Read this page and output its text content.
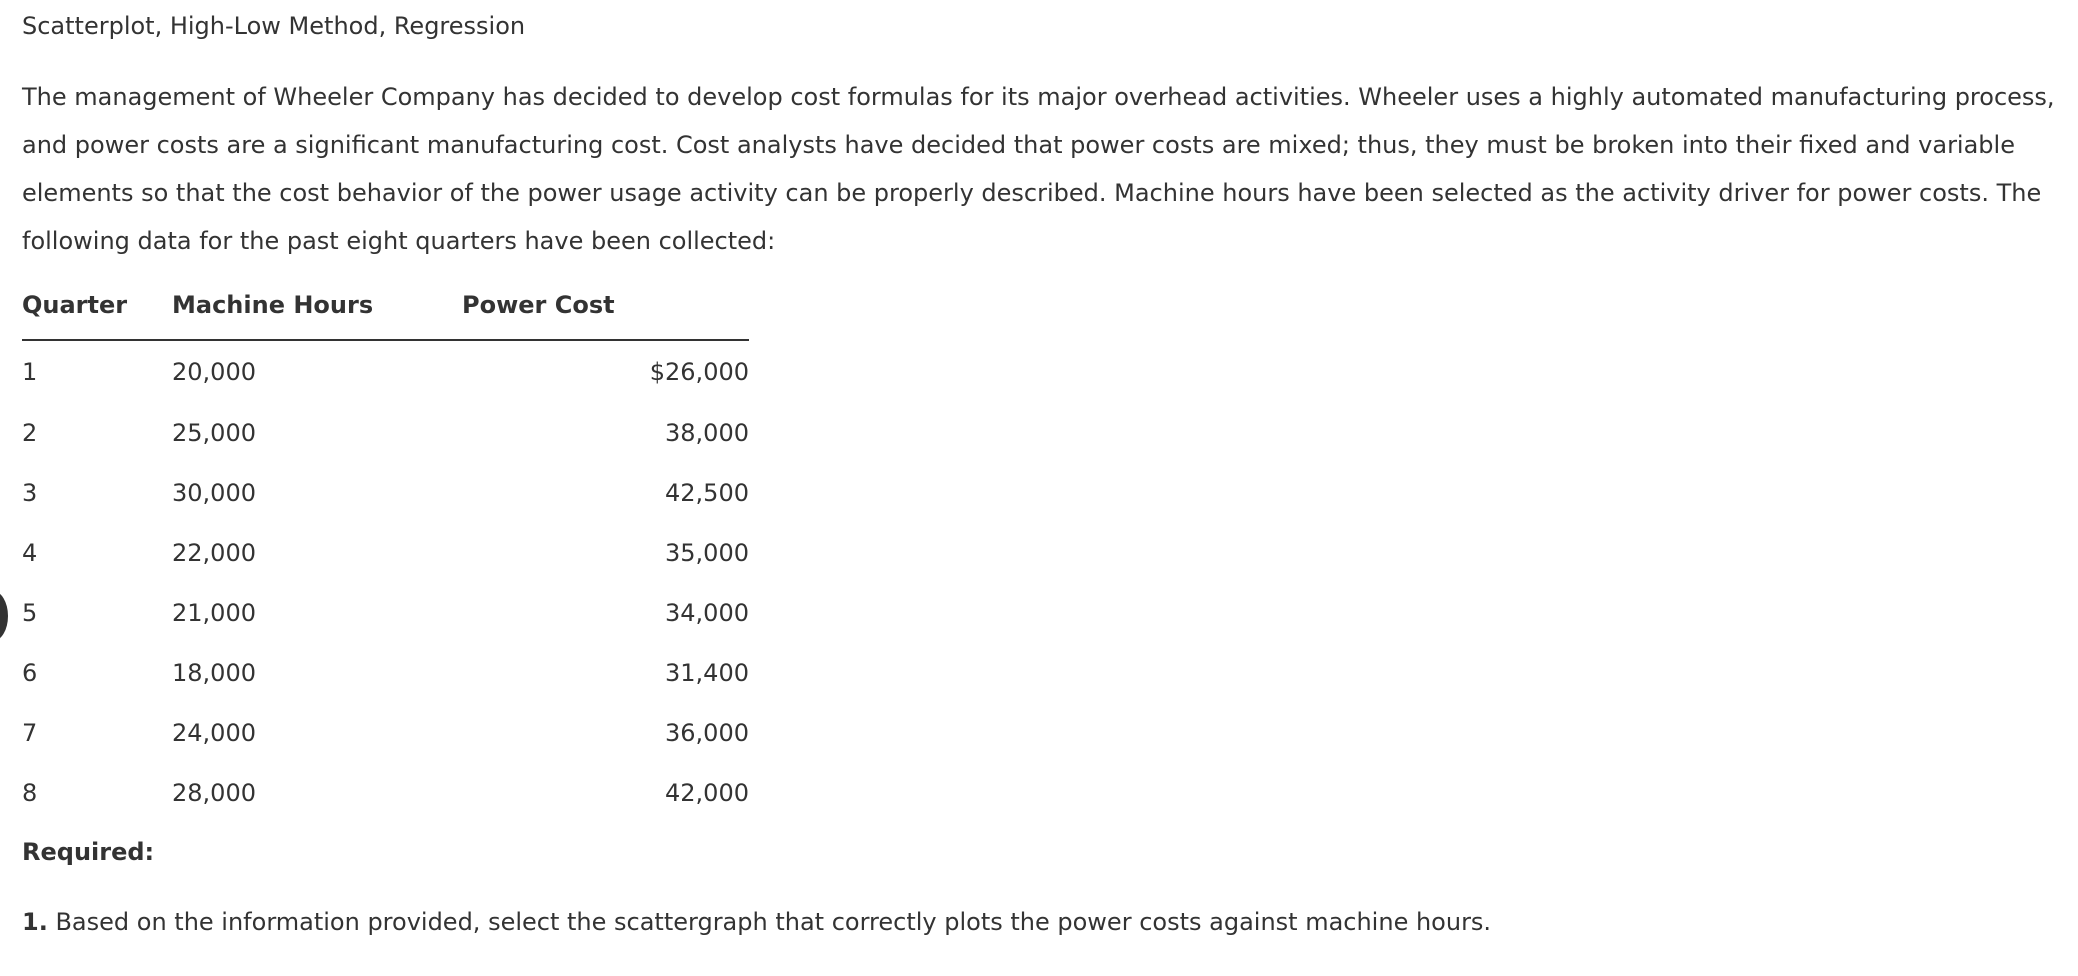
Scatterplot, High-Low Method, Regression

The management of Wheeler Company has decided to develop cost formulas for its major overhead activities. Wheeler uses a highly automated manufacturing process, and power costs are a significant manufacturing cost. Cost analysts have decided that power costs are mixed; thus, they must be broken into their fixed and variable elements so that the cost behavior of the power usage activity can be properly described. Machine hours have been selected as the activity driver for power costs. The following data for the past eight quarters have been collected:

Quarter	Machine Hours	Power Cost
1	20,000	$26,000
2	25,000	38,000
3	30,000	42,500
4	22,000	35,000
5	21,000	34,000
6	18,000	31,400
7	24,000	36,000
8	28,000	42,000
Required:
1. Based on the information provided, select the scattergraph that correctly plots the power costs against machine hours.
